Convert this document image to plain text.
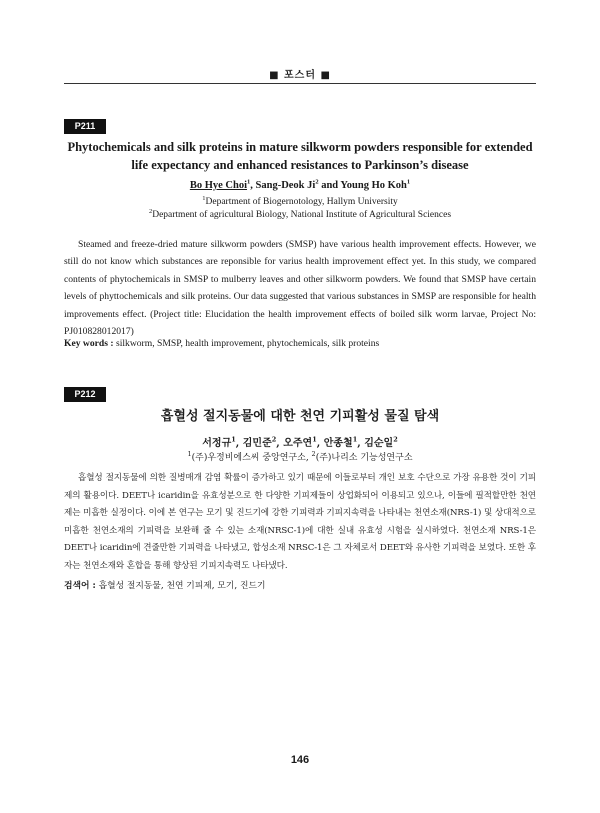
■ 포스터 ■
P211
Phytochemicals and silk proteins in mature silkworm powders responsible for extended life expectancy and enhanced resistances to Parkinson’s disease
Bo Hye Choi$^1$, Sang-Deok Ji$^2$ and Young Ho Koh$^1$
$^1$Department of Biogernotology, Hallym University
$^2$Department of agricultural Biology, National Institute of Agricultural Sciences
Steamed and freeze-dried mature silkworm powders (SMSP) have various health improvement effects. However, we still do not know which substances are reponsible for varius health improvement effect yet. In this study, we compared contents of phytochemicals in SMSP to mulberry leaves and other silkworm powders. We found that SMSP have certain levels of phyttochemicals and silk proteins. Our data suggested that various substances in SMSP are responsible for health improvements effect. (Project title: Elucidation the health improvement effects of boiled silk worm larvae, Project No: PJ010828012017)
Key words : silkworm, SMSP, health improvement, phytochemicals, silk proteins
P212
흡혈성 절지동물에 대한 천연 기피활성 물질 탐색
서정규$^1$, 김민준$^2$, 오주연$^1$, 안종철$^1$, 김순일$^2$
$^1$(주)우정비에스씨 중앙연구소, $^2$(주)나리소 기능성연구소
흡혈성 절지동물에 의한 질병매개 감염 확률이 증가하고 있기 때문에 이들로부터 개인 보호 수단으로 가장 유용한 것이 기피제의 활용이다. DEET나 icaridin을 유효성분으로 한 다양한 기피제들이 상업화되어 이용되고 있으나, 이들에 필적할만한 천연제는 미흡한 실정이다. 이에 본 연구는 모기 및 진드기에 강한 기피력과 기피지속력을 나타내는 천연소재(NRS-1) 및 상대적으로 미흡한 천연소재의 기피력을 보완해 줄 수 있는 소재(NRSC-1)에 대한 실내 유효성 시험을 실시하였다. 천연소재 NRS-1은 DEET나 icaridin에 견줄만한 기피력을 나타냈고, 합성소재 NRSC-1은 그 자체로서 DEET와 유사한 기피력을 보였다. 또한 후자는 천연소재와 혼합을 통해 향상된 기피지속력도 나타냈다.
검색어 : 흡혈성 절지동물, 천연 기피제, 모기, 진드기
146
